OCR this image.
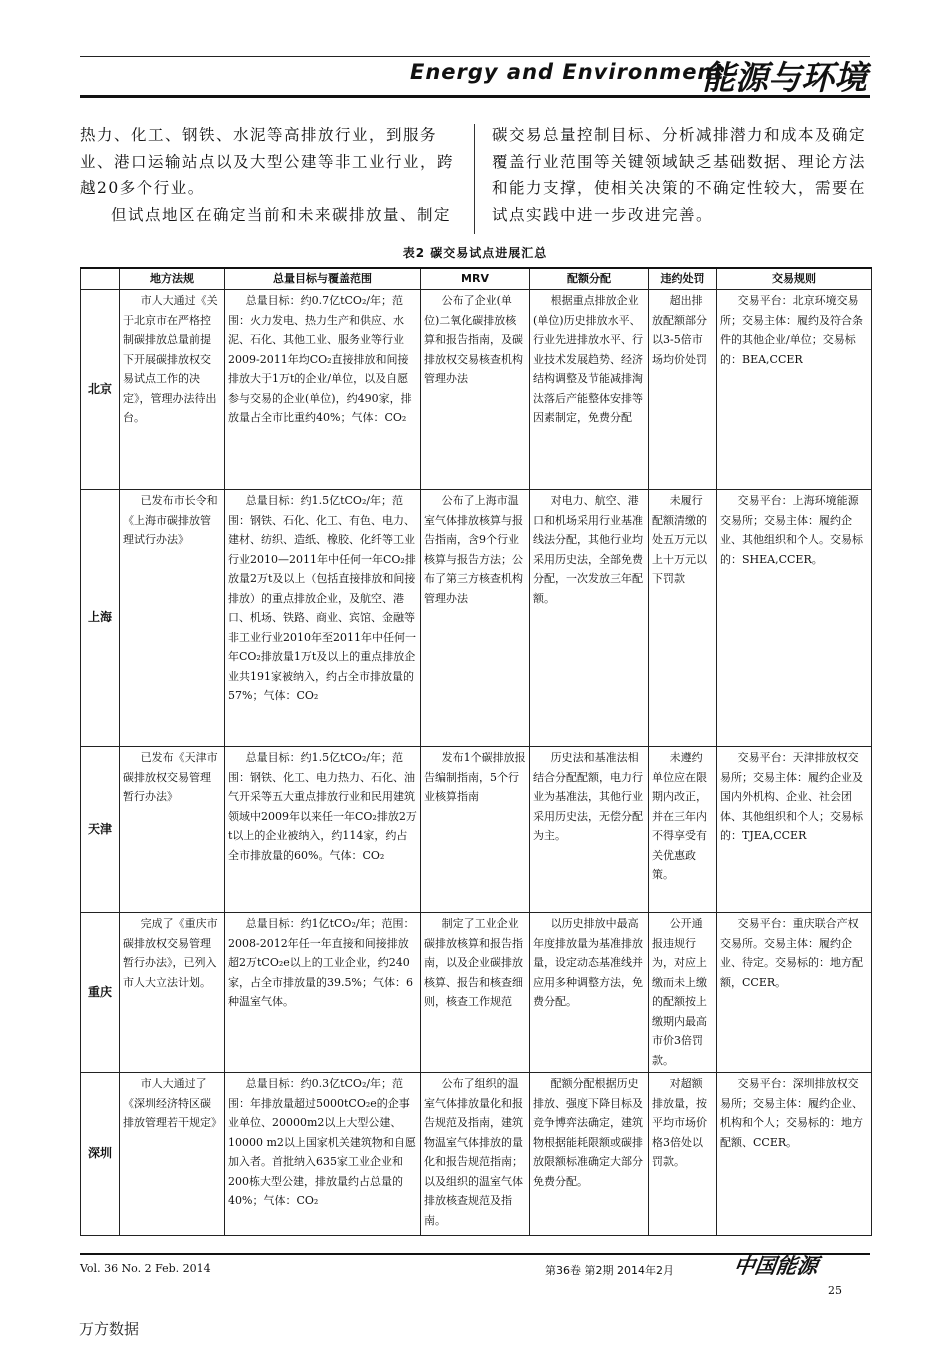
Energy and Environment
能源与环境

热力、化工、钢铁、水泥等高排放行业，到服务业、港口运输站点以及大型公建等非工业行业，跨越20多个行业。

但试点地区在确定当前和未来碳排放量、制定

碳交易总量控制目标、分析减排潜力和成本及确定覆盖行业范围等关键领域缺乏基础数据、理论方法和能力支撑，使相关决策的不确定性较大，需要在试点实践中进一步改进完善。

表2 碳交易试点进展汇总
	地方法规	总量目标与覆盖范围	MRV	配额分配	违约处罚	交易规则
北京	市人大通过《关于北京市在严格控制碳排放总量前提下开展碳排放权交易试点工作的决定》，管理办法待出台。	总量目标：约0.7亿tCO₂/年；范围：火力发电、热力生产和供应、水泥、石化、其他工业、服务业等行业2009-2011年均CO₂直接排放和间接排放大于1万t的企业/单位，以及自愿参与交易的企业(单位)，约490家，排放量占全市比重约40%；气体：CO₂	公布了企业(单位)二氧化碳排放核算和报告指南，及碳排放权交易核查机构管理办法	根据重点排放企业(单位)历史排放水平、行业先进排放水平、行业技术发展趋势、经济结构调整及节能减排淘汰落后产能整体安排等因素制定，免费分配	超出排放配额部分以3-5倍市场均价处罚	交易平台：北京环境交易所；交易主体：履约及符合条件的其他企业/单位；交易标的：BEA,CCER
上海	已发布市长令和《上海市碳排放管理试行办法》	总量目标：约1.5亿tCO₂/年；范围：钢铁、石化、化工、有色、电力、建材、纺织、造纸、橡胶、化纤等工业行业2010—2011年中任何一年CO₂排放量2万t及以上（包括直接排放和间接排放）的重点排放企业，及航空、港口、机场、铁路、商业、宾馆、金融等非工业行业2010年至2011年中任何一年CO₂排放量1万t及以上的重点排放企业共191家被纳入，约占全市排放量的57%；气体：CO₂	公布了上海市温室气体排放核算与报告指南，含9个行业核算与报告方法；公布了第三方核查机构管理办法	对电力、航空、港口和机场采用行业基准线法分配，其他行业均采用历史法，全部免费分配，一次发放三年配额。	未履行配额清缴的处五万元以上十万元以下罚款	交易平台：上海环境能源交易所；交易主体：履约企业、其他组织和个人。交易标的：SHEA,CCER。
天津	已发布《天津市碳排放权交易管理暂行办法》	总量目标：约1.5亿tCO₂/年；范围：钢铁、化工、电力热力、石化、油气开采等五大重点排放行业和民用建筑领域中2009年以来任一年CO₂排放2万t以上的企业被纳入，约114家，约占全市排放量的60%。气体：CO₂	发布1个碳排放报告编制指南，5个行业核算指南	历史法和基准法相结合分配配额，电力行业为基准法，其他行业采用历史法，无偿分配为主。	未遵约单位应在限期内改正，并在三年内不得享受有关优惠政策。	交易平台：天津排放权交易所；交易主体：履约企业及国内外机构、企业、社会团体、其他组织和个人；交易标的：TJEA,CCER
重庆	完成了《重庆市碳排放权交易管理暂行办法》，已列入市人大立法计划。	总量目标：约1亿tCO₂/年；范围：2008-2012年任一年直接和间接排放超2万tCO₂e以上的工业企业，约240家，占全市排放量的39.5%；气体：6种温室气体。	制定了工业企业碳排放核算和报告指南，以及企业碳排放核算、报告和核查细则，核查工作规范	以历史排放中最高年度排放量为基准排放量，设定动态基准线并应用多种调整方法，免费分配。	公开通报违规行为，对应上缴而未上缴的配额按上缴期内最高市价3倍罚款。	交易平台：重庆联合产权交易所。交易主体：履约企业、待定。交易标的：地方配额，CCER。
深圳	市人大通过了《深圳经济特区碳排放管理若干规定》	总量目标：约0.3亿tCO₂/年；范围：年排放量超过5000tCO₂e的企事业单位、20000m2以上大型公建、10000 m2以上国家机关建筑物和自愿加入者。首批纳入635家工业企业和200栋大型公建，排放量约占总量的40%；气体：CO₂	公布了组织的温室气体排放量化和报告规范及指南，建筑物温室气体排放的量化和报告规范指南；以及组织的温室气体排放核查规范及指南。	配额分配根据历史排放、强度下降目标及竞争博弈法确定，建筑物根据能耗限额或碳排放限额标准确定大部分免费分配。	对超额排放量，按平均市场价格3倍处以罚款。	交易平台：深圳排放权交易所；交易主体：履约企业、机构和个人；交易标的：地方配额、CCER。
Vol. 36 No. 2 Feb. 2014	第36卷 第2期 2014年2月	中国能源
25
万方数据
